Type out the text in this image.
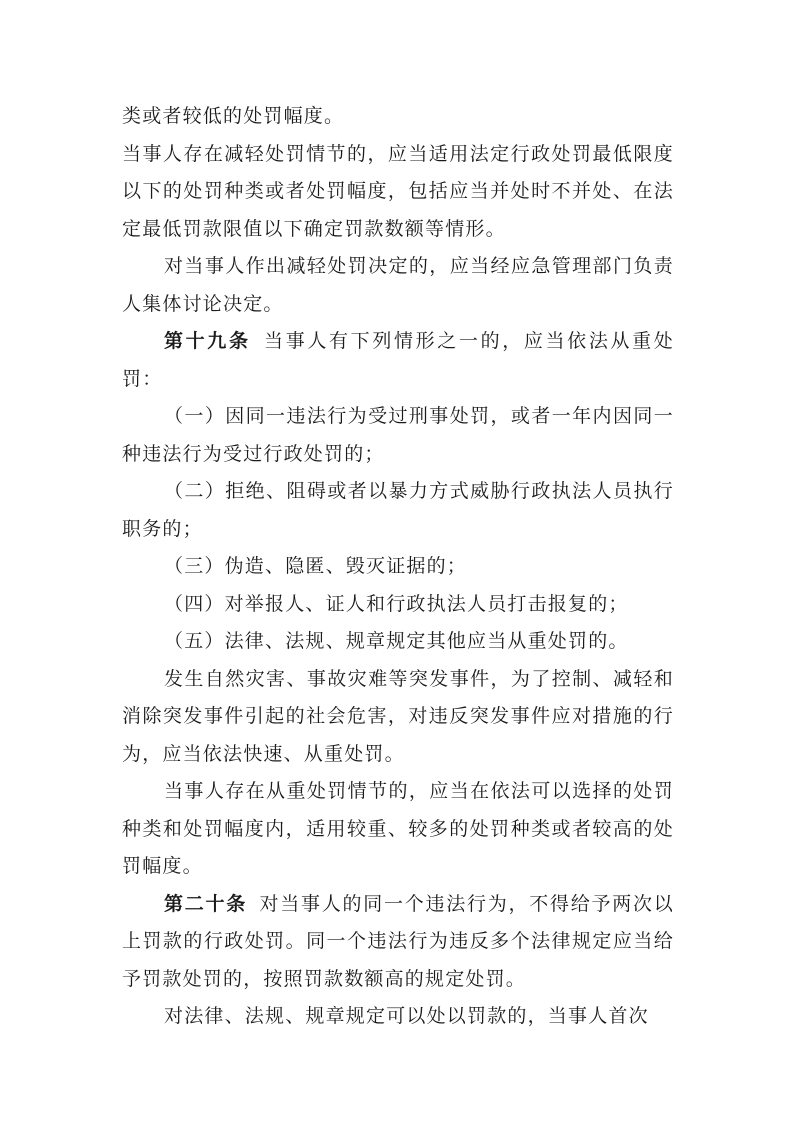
类或者较低的处罚幅度。

当事人存在减轻处罚情节的，应当适用法定行政处罚最低限度以下的处罚种类或者处罚幅度，包括应当并处时不并处、在法定最低罚款限值以下确定罚款数额等情形。

对当事人作出减轻处罚决定的，应当经应急管理部门负责人集体讨论决定。

第十九条 当事人有下列情形之一的，应当依法从重处罚：

（一）因同一违法行为受过刑事处罚，或者一年内因同一种违法行为受过行政处罚的；

（二）拒绝、阻碍或者以暴力方式威胁行政执法人员执行职务的；

（三）伪造、隐匿、毁灭证据的；

（四）对举报人、证人和行政执法人员打击报复的；

（五）法律、法规、规章规定其他应当从重处罚的。

发生自然灾害、事故灾难等突发事件，为了控制、减轻和消除突发事件引起的社会危害，对违反突发事件应对措施的行为，应当依法快速、从重处罚。

当事人存在从重处罚情节的，应当在依法可以选择的处罚种类和处罚幅度内，适用较重、较多的处罚种类或者较高的处罚幅度。

第二十条 对当事人的同一个违法行为，不得给予两次以上罚款的行政处罚。同一个违法行为违反多个法律规定应当给予罚款处罚的，按照罚款数额高的规定处罚。

对法律、法规、规章规定可以处以罚款的，当事人首次
